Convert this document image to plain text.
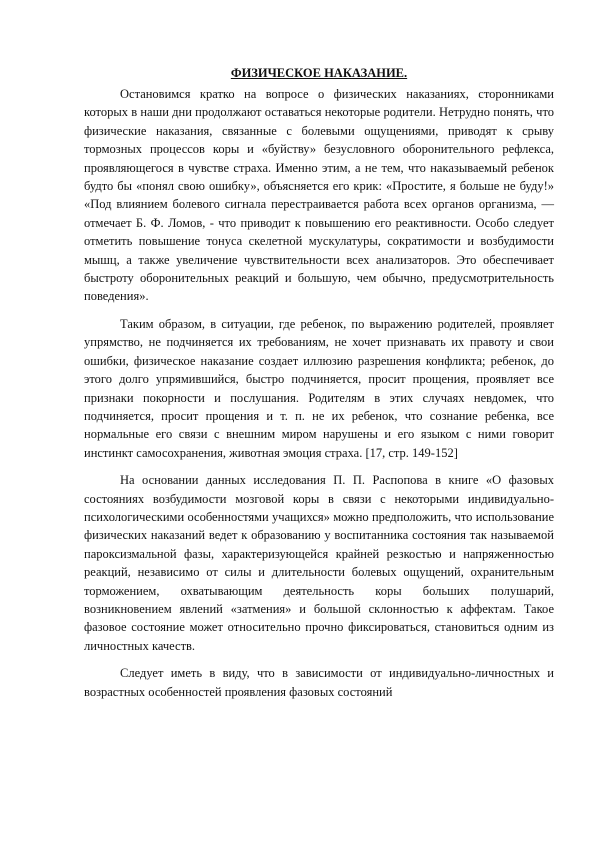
ФИЗИЧЕСКОЕ НАКАЗАНИЕ.

Остановимся кратко на вопросе о физических наказаниях, сторонниками которых в наши дни продолжают оставаться некоторые родители. Нетрудно понять, что физические наказания, связанные с болевыми ощущениями, приводят к срыву тормозных процессов коры и «буйству» безусловного оборонительного рефлекса, проявляющегося в чувстве страха. Именно этим, а не тем, что наказываемый ребенок будто бы «понял свою ошибку», объясняется его крик: «Простите, я больше не буду!» «Под влиянием болевого сигнала перестраивается работа всех органов организма, — отмечает Б. Ф. Ломов, - что приводит к повышению его реактивности. Особо следует отметить повышение тонуса скелетной мускулатуры, сократимости и возбудимости мышц, а также увеличение чувствительности всех анализаторов. Это обеспечивает быстроту оборонительных реакций и большую, чем обычно, предусмотрительность поведения».

Таким образом, в ситуации, где ребенок, по выражению родителей, проявляет упрямство, не подчиняется их требованиям, не хочет признавать их правоту и свои ошибки, физическое наказание создает иллюзию разрешения конфликта; ребенок, до этого долго упрямившийся, быстро подчиняется, просит прощения, проявляет все признаки покорности и послушания. Родителям в этих случаях невдомек, что подчиняется, просит прощения и т. п. не их ребенок, что сознание ребенка, все нормальные его связи с внешним миром нарушены и его языком с ними говорит инстинкт самосохранения, животная эмоция страха. [17, стр. 149-152]

На основании данных исследования П. П. Распопова в книге «О фазовых состояниях возбудимости мозговой коры в связи с некоторыми индивидуально-психологическими особенностями учащихся» можно предположить, что использование физических наказаний ведет к образованию у воспитанника состояния так называемой пароксизмальной фазы, характеризующейся крайней резкостью и напряженностью реакций, независимо от силы и длительности болевых ощущений, охранительным торможением, охватывающим деятельность коры больших полушарий, возникновением явлений «затмения» и большой склонностью к аффектам. Такое фазовое состояние может относительно прочно фиксироваться, становиться одним из личностных качеств.

Следует иметь в виду, что в зависимости от индивидуально-личностных и возрастных особенностей проявления фазовых состояний
